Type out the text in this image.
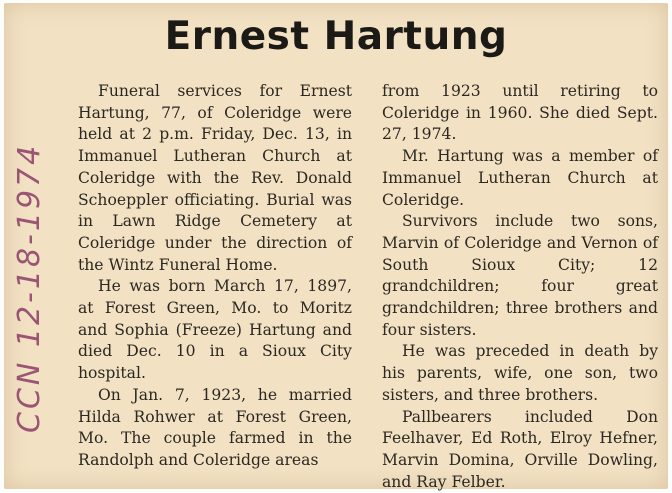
Ernest Hartung
CCN 12-18-1974

Funeral services for Ernest Hartung, 77, of Coleridge were held at 2 p.m. Friday, Dec. 13, in Immanuel Lutheran Church at Coleridge with the Rev. Donald Schoeppler officiating. Burial was in Lawn Ridge Cemetery at Coleridge under the direction of the Wintz Funeral Home.

He was born March 17, 1897, at Forest Green, Mo. to Moritz and Sophia (Freeze) Hartung and died Dec. 10 in a Sioux City hospital.

On Jan. 7, 1923, he married Hilda Rohwer at Forest Green, Mo. The couple farmed in the Randolph and Coleridge areas

from 1923 until retiring to Coleridge in 1960. She died Sept. 27, 1974.

Mr. Hartung was a member of Immanuel Lutheran Church at Coleridge.

Survivors include two sons, Marvin of Coleridge and Vernon of South Sioux City; 12 grandchildren; four great grandchildren; three brothers and four sisters.

He was preceded in death by his parents, wife, one son, two sisters, and three brothers.

Pallbearers included Don Feelhaver, Ed Roth, Elroy Hefner, Marvin Domina, Orville Dowling, and Ray Felber.
